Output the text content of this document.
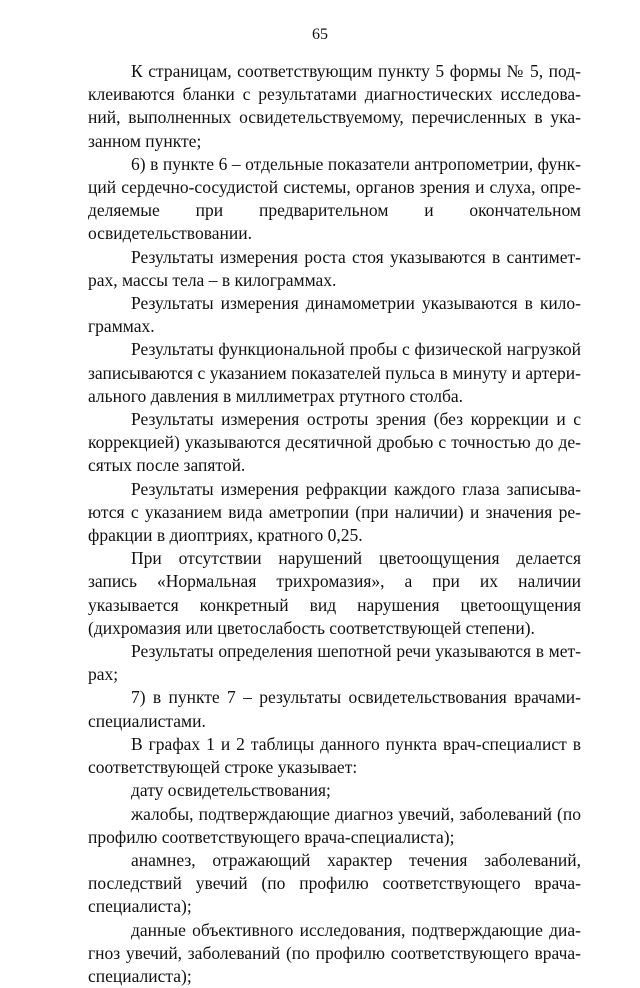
65

К страницам, соответствующим пункту 5 формы № 5, подклеиваются бланки с результатами диагностических исследований, выполненных освидетельствуемому, перечисленных в указанном пункте;

6) в пункте 6 – отдельные показатели антропометрии, функций сердечно-сосудистой системы, органов зрения и слуха, определяемые при предварительном и окончательном освидетельствовании.

Результаты измерения роста стоя указываются в сантиметрах, массы тела – в килограммах.

Результаты измерения динамометрии указываются в килограммах.

Результаты функциональной пробы с физической нагрузкой записываются с указанием показателей пульса в минуту и артериального давления в миллиметрах ртутного столба.

Результаты измерения остроты зрения (без коррекции и с коррекцией) указываются десятичной дробью с точностью до десятых после запятой.

Результаты измерения рефракции каждого глаза записываются с указанием вида аметропии (при наличии) и значения рефракции в диоптриях, кратного 0,25.

При отсутствии нарушений цветоощущения делается запись «Нормальная трихромазия», а при их наличии указывается конкретный вид нарушения цветоощущения (дихромазия или цветослабость соответствующей степени).

Результаты определения шепотной речи указываются в метрах;

7) в пункте 7 – результаты освидетельствования врачами-специалистами.

В графах 1 и 2 таблицы данного пункта врач-специалист в соответствующей строке указывает:

дату освидетельствования;

жалобы, подтверждающие диагноз увечий, заболеваний (по профилю соответствующего врача-специалиста);

анамнез, отражающий характер течения заболеваний, последствий увечий (по профилю соответствующего врача-специалиста);

данные объективного исследования, подтверждающие диагноз увечий, заболеваний (по профилю соответствующего врача-специалиста);
